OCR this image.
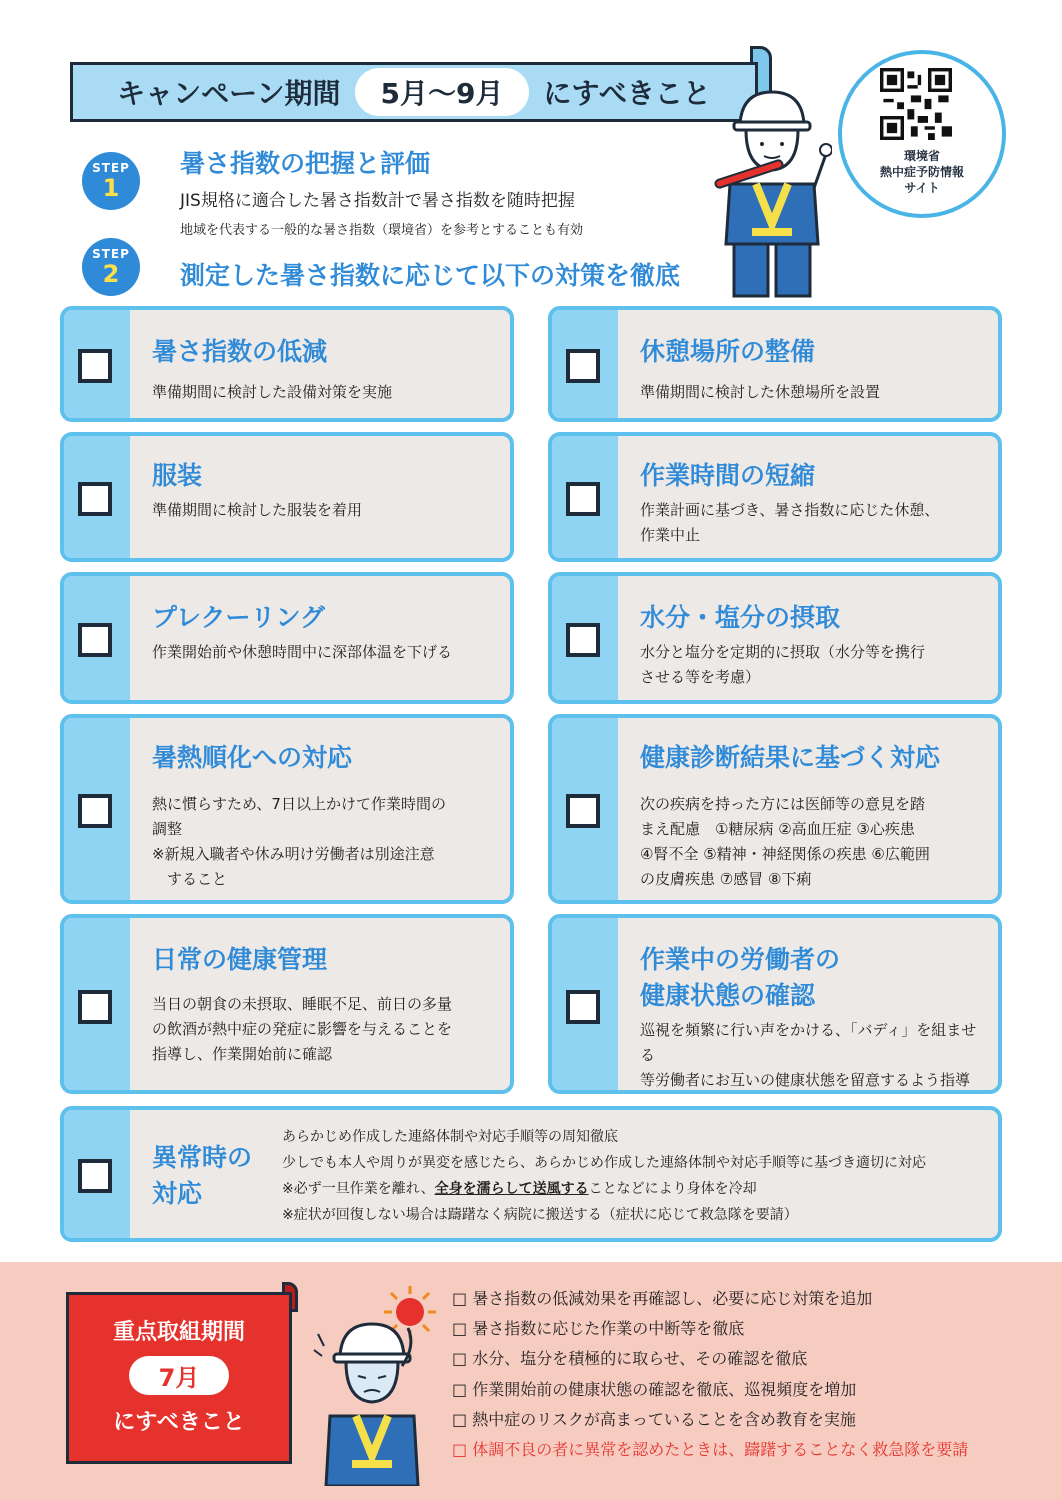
キャンペーン期間	5月〜9月	にすべきこと
環境省
熱中症予防情報
サイト
STEP
1
暑さ指数の把握と評価
JIS規格に適合した暑さ指数計で暑さ指数を随時把握
地域を代表する一般的な暑さ指数（環境省）を参考とすることも有効
STEP
2	測定した暑さ指数に応じて以下の対策を徹底
暑さ指数の低減
準備期間に検討した設備対策を実施
休憩場所の整備
準備期間に検討した休憩場所を設置
服装
準備期間に検討した服装を着用
作業時間の短縮
作業計画に基づき、暑さ指数に応じた休憩、
作業中止
プレクーリング
作業開始前や休憩時間中に深部体温を下げる
水分・塩分の摂取
水分と塩分を定期的に摂取（水分等を携行
させる等を考慮）
暑熱順化への対応
熱に慣らすため、7日以上かけて作業時間の
調整
※新規入職者や休み明け労働者は別途注意
　すること
健康診断結果に基づく対応
次の疾病を持った方には医師等の意見を踏
まえ配慮　①糖尿病 ②高血圧症 ③心疾患
④腎不全 ⑤精神・神経関係の疾患 ⑥広範囲
の皮膚疾患 ⑦感冒 ⑧下痢
日常の健康管理
当日の朝食の未摂取、睡眠不足、前日の多量
の飲酒が熱中症の発症に影響を与えることを
指導し、作業開始前に確認
作業中の労働者の
健康状態の確認
巡視を頻繁に行い声をかける、「バディ」を組ませる
等労働者にお互いの健康状態を留意するよう指導
異常時の
対応
あらかじめ作成した連絡体制や対応手順等の周知徹底
少しでも本人や周りが異変を感じたら、あらかじめ作成した連絡体制や対応手順等に基づき適切に対応
※必ず一旦作業を離れ、全身を濡らして送風することなどにより身体を冷却
※症状が回復しない場合は躊躇なく病院に搬送する（症状に応じて救急隊を要請）
重点取組期間
7月
にすべきこと
□ 暑さ指数の低減効果を再確認し、必要に応じ対策を追加
□ 暑さ指数に応じた作業の中断等を徹底
□ 水分、塩分を積極的に取らせ、その確認を徹底
□ 作業開始前の健康状態の確認を徹底、巡視頻度を増加
□ 熱中症のリスクが高まっていることを含め教育を実施
□ 体調不良の者に異常を認めたときは、躊躇することなく救急隊を要請
